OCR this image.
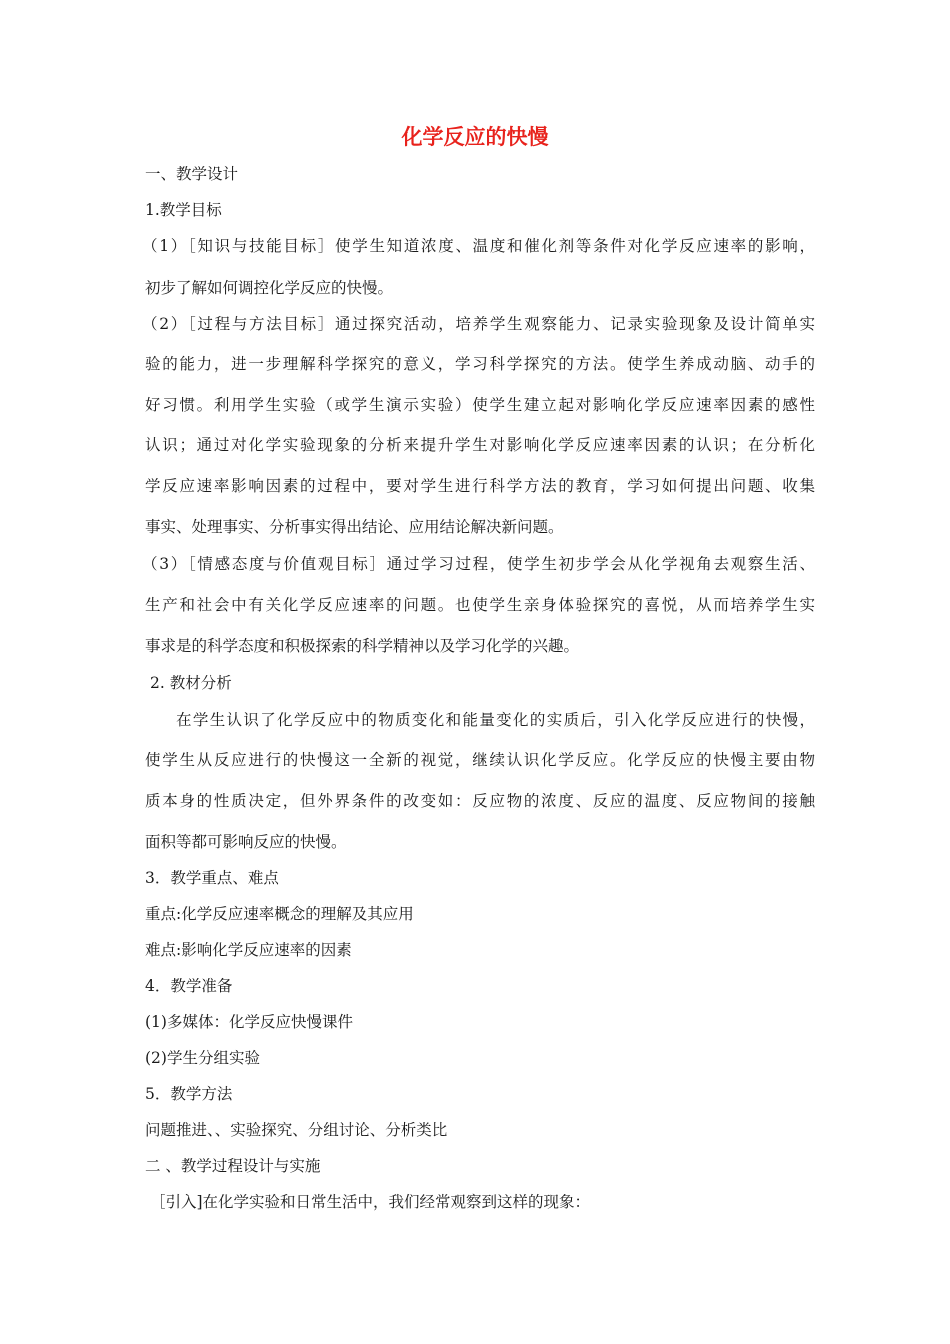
化学反应的快慢
一、教学设计
1.教学目标
（1）［知识与技能目标］使学生知道浓度、温度和催化剂等条件对化学反应速率的影响，
初步了解如何调控化学反应的快慢。
（2）［过程与方法目标］通过探究活动，培养学生观察能力、记录实验现象及设计简单实
验的能力，进一步理解科学探究的意义，学习科学探究的方法。使学生养成动脑、动手的
好习惯。利用学生实验（或学生演示实验）使学生建立起对影响化学反应速率因素的感性
认识；通过对化学实验现象的分析来提升学生对影响化学反应速率因素的认识；在分析化
学反应速率影响因素的过程中，要对学生进行科学方法的教育，学习如何提出问题、收集
事实、处理事实、分析事实得出结论、应用结论解决新问题。
（3）［情感态度与价值观目标］通过学习过程，使学生初步学会从化学视角去观察生活、
生产和社会中有关化学反应速率的问题。也使学生亲身体验探究的喜悦，从而培养学生实
事求是的科学态度和积极探索的科学精神以及学习化学的兴趣。
2. 教材分析
在学生认识了化学反应中的物质变化和能量变化的实质后，引入化学反应进行的快慢，
使学生从反应进行的快慢这一全新的视觉，继续认识化学反应。化学反应的快慢主要由物
质本身的性质决定，但外界条件的改变如：反应物的浓度、反应的温度、反应物间的接触
面积等都可影响反应的快慢。
3．教学重点、难点
重点:化学反应速率概念的理解及其应用
难点:影响化学反应速率的因素
4．教学准备
(1)多媒体：化学反应快慢课件
(2)学生分组实验
5．教学方法
问题推进、、实验探究、分组讨论、分析类比
二 、教学过程设计与实施
［引入]在化学实验和日常生活中，我们经常观察到这样的现象：
